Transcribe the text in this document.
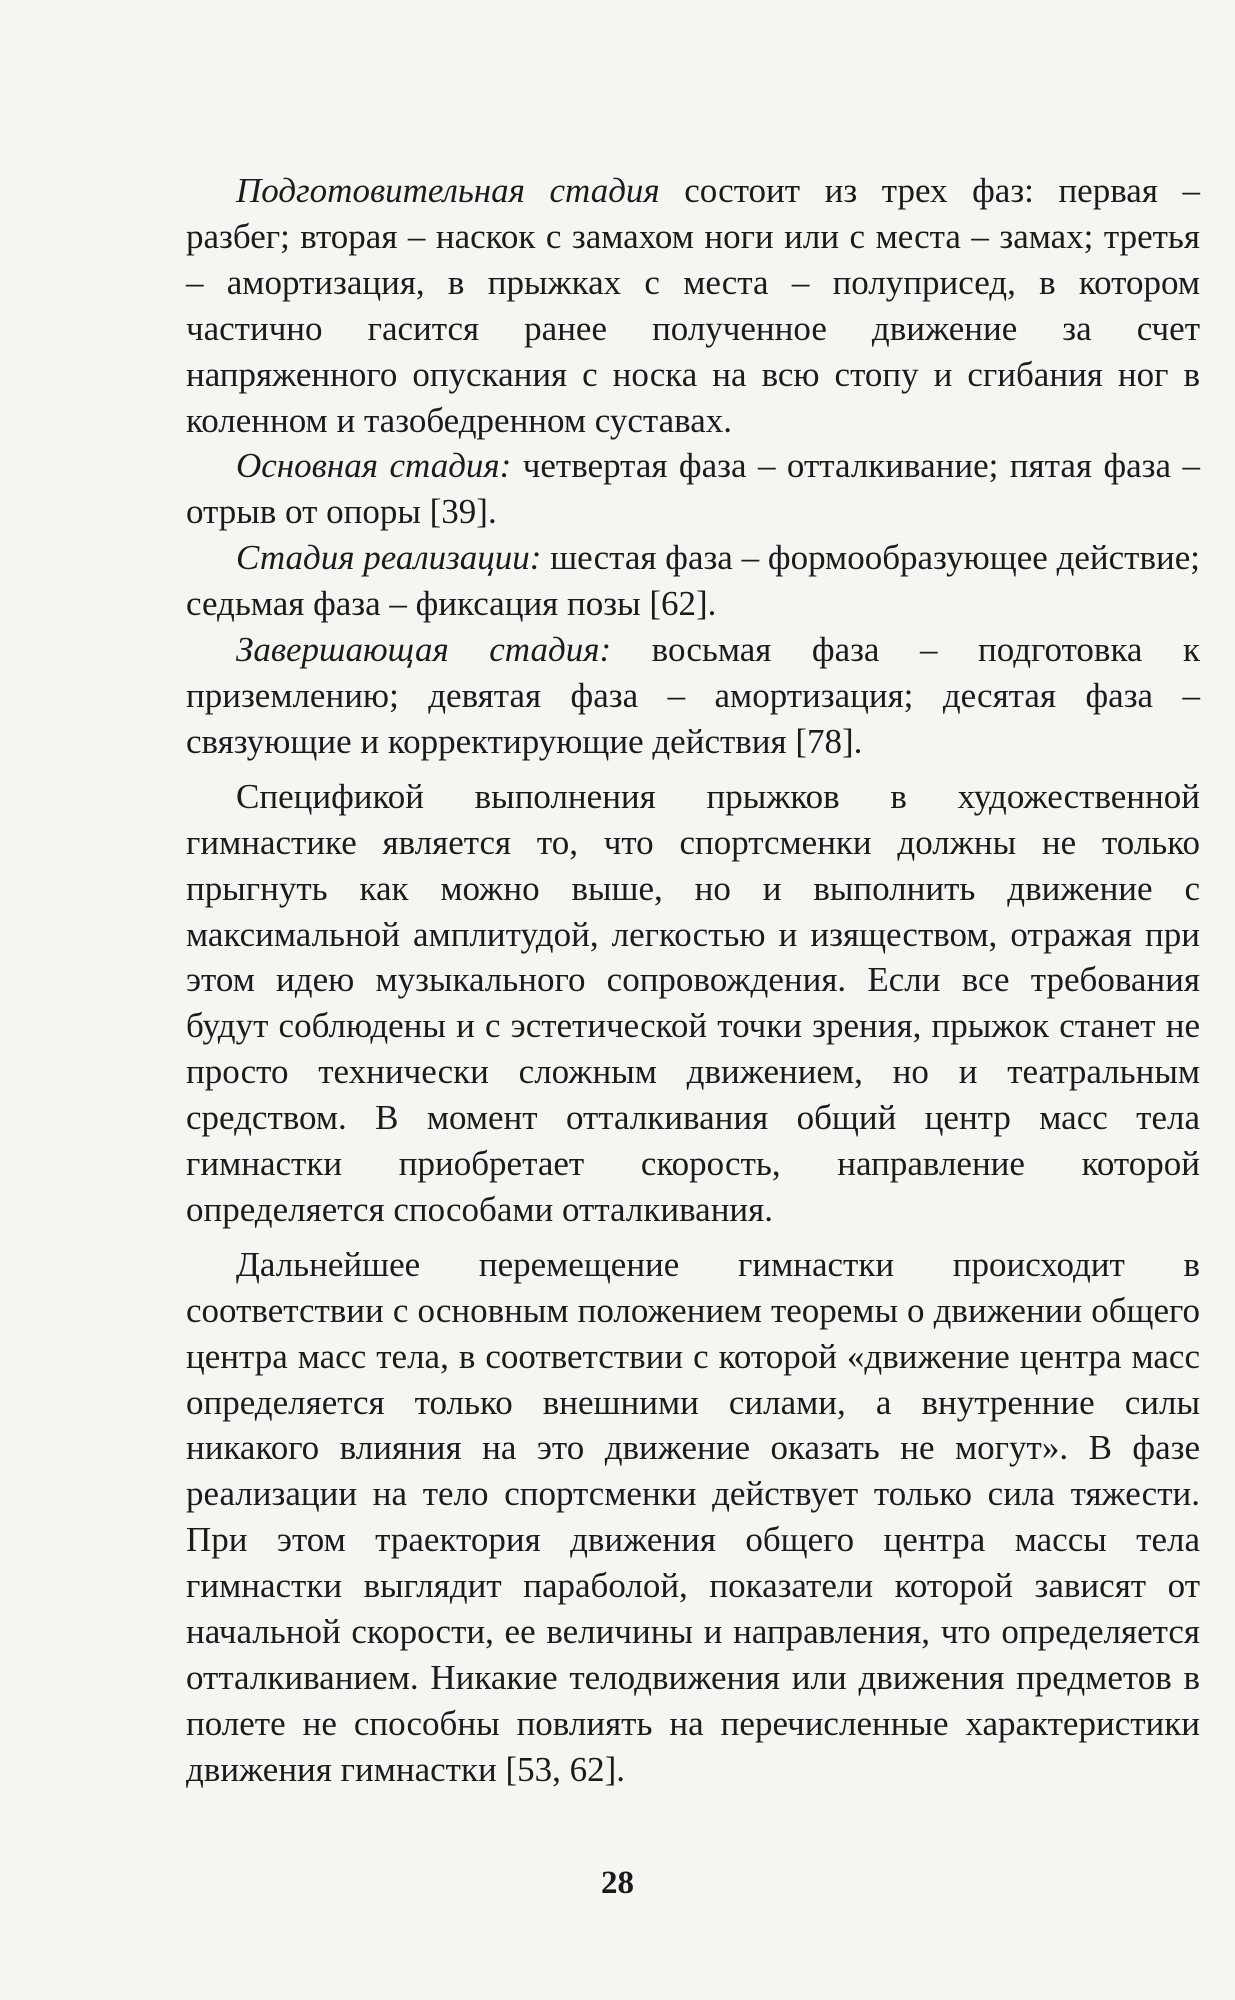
Подготовительная стадия состоит из трех фаз: первая – разбег; вторая – наскок с замахом ноги или с места – замах; третья – амортизация, в прыжках с места – полуприсед, в котором частично гасится ранее полученное движение за счет напряженного опускания с носка на всю стопу и сгибания ног в коленном и тазобедренном суставах.

Основная стадия: четвертая фаза – отталкивание; пятая фаза – отрыв от опоры [39].

Стадия реализации: шестая фаза – формообразующее действие; седьмая фаза – фиксация позы [62].

Завершающая стадия: восьмая фаза – подготовка к приземлению; девятая фаза – амортизация; десятая фаза – связующие и корректирующие действия [78].

Спецификой выполнения прыжков в художественной гимнастике является то, что спортсменки должны не только прыгнуть как можно выше, но и выполнить движение с максимальной амплитудой, легкостью и изяществом, отражая при этом идею музыкального сопровождения. Если все требования будут соблюдены и с эстетической точки зрения, прыжок станет не просто технически сложным движением, но и театральным средством. В момент отталкивания общий центр масс тела гимнастки приобретает скорость, направление которой определяется способами отталкивания.

Дальнейшее перемещение гимнастки происходит в соответствии с основным положением теоремы о движении общего центра масс тела, в соответствии с которой «движение центра масс определяется только внешними силами, а внутренние силы никакого влияния на это движение оказать не могут». В фазе реализации на тело спортсменки действует только сила тяжести. При этом траектория движения общего центра массы тела гимнастки выглядит параболой, показатели которой зависят от начальной скорости, ее величины и направления, что определяется отталкиванием. Никакие телодвижения или движения предметов в полете не способны повлиять на перечисленные характеристики движения гимнастки [53, 62].

28
